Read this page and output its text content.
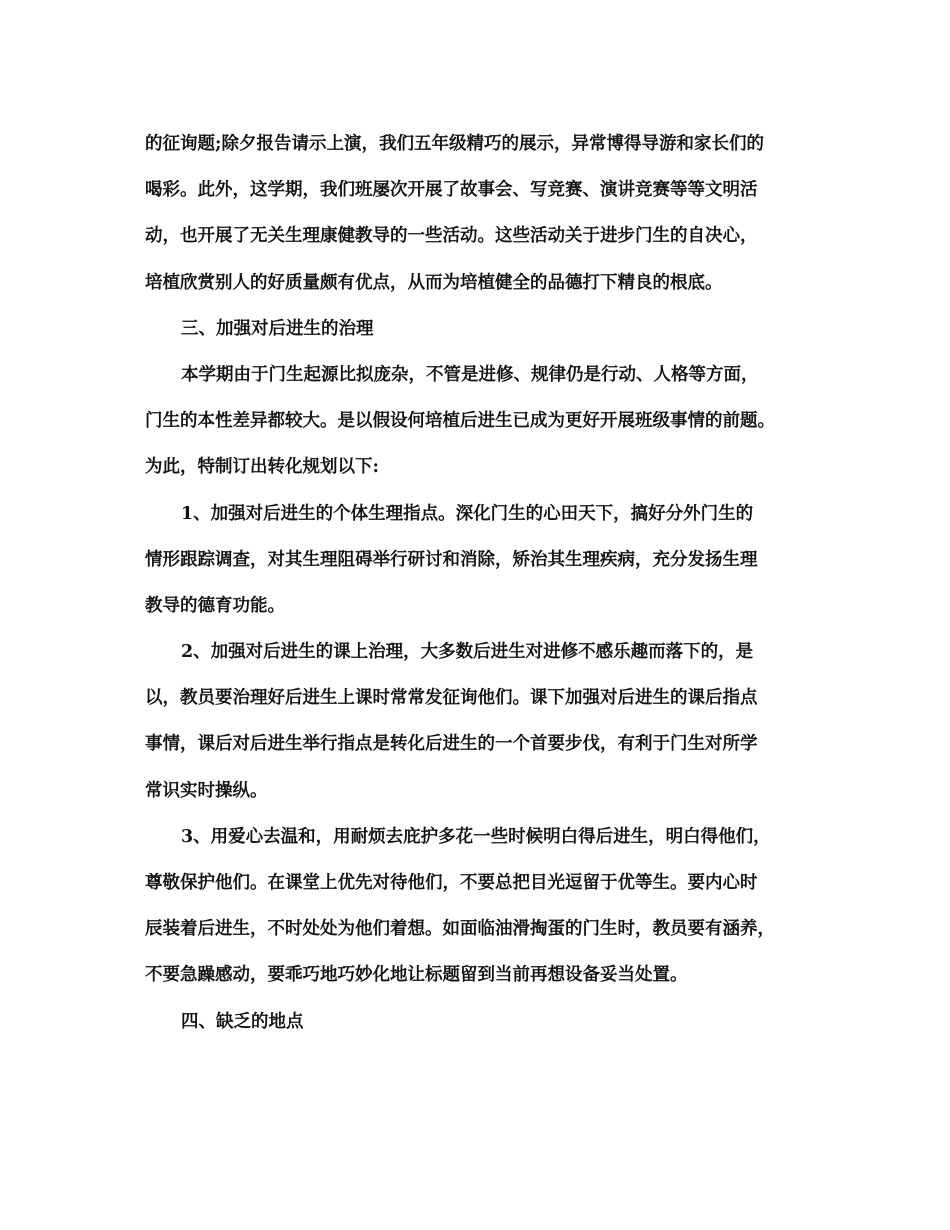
的征询题;除夕报告请示上演，我们五年级精巧的展示，异常博得导游和家长们的
喝彩。此外，这学期，我们班屡次开展了故事会、写竞赛、演讲竞赛等等文明活
动，也开展了无关生理康健教导的一些活动。这些活动关于进步门生的自决心，
培植欣赏别人的好质量颇有优点，从而为培植健全的品德打下精良的根底。
三、加强对后进生的治理
本学期由于门生起源比拟庞杂，不管是进修、规律仍是行动、人格等方面，
门生的本性差异都较大。是以假设何培植后进生已成为更好开展班级事情的前题。
为此，特制订出转化规划以下:
1、加强对后进生的个体生理指点。深化门生的心田天下，搞好分外门生的
情形跟踪调查，对其生理阻碍举行研讨和消除，矫治其生理疾病，充分发扬生理
教导的德育功能。
2、加强对后进生的课上治理，大多数后进生对进修不感乐趣而落下的，是
以，教员要治理好后进生上课时常常发征询他们。课下加强对后进生的课后指点
事情，课后对后进生举行指点是转化后进生的一个首要步伐，有利于门生对所学
常识实时操纵。
3、用爱心去温和，用耐烦去庇护多花一些时候明白得后进生，明白得他们，
尊敬保护他们。在课堂上优先对待他们，不要总把目光逗留于优等生。要内心时
辰装着后进生，不时处处为他们着想。如面临油滑掏蛋的门生时，教员要有涵养，
不要急躁感动，要乖巧地巧妙化地让标题留到当前再想设备妥当处置。
四、缺乏的地点
